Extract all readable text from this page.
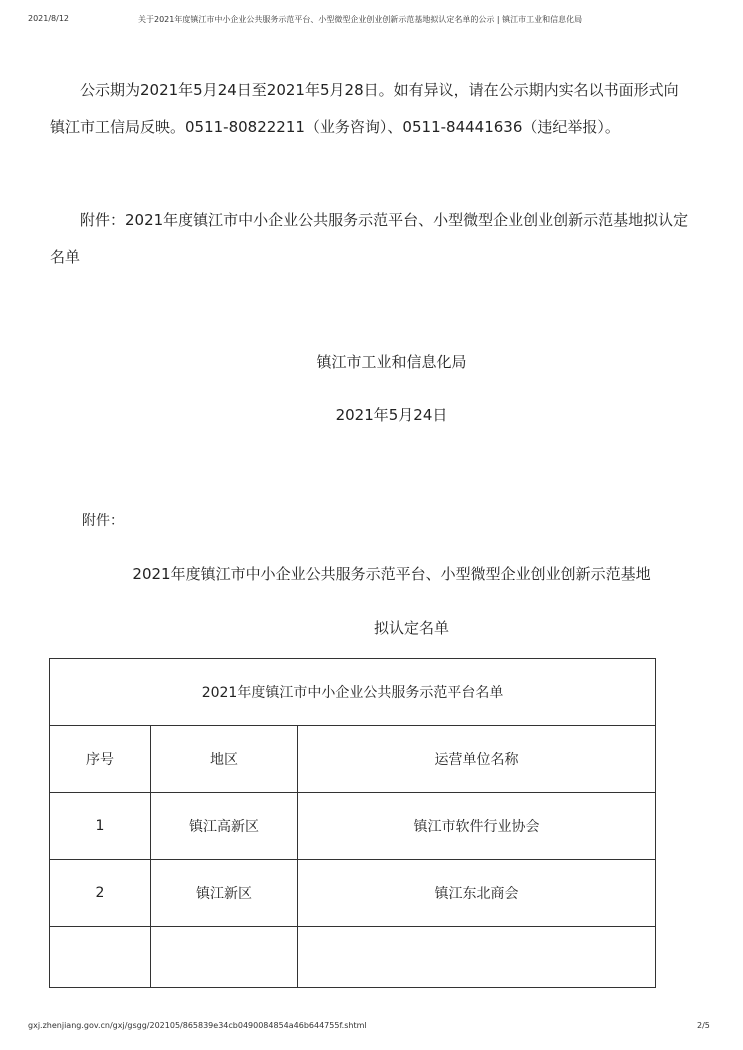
2021/8/12	关于2021年度镇江市中小企业公共服务示范平台、小型微型企业创业创新示范基地拟认定名单的公示 | 镇江市工业和信息化局

公示期为2021年5月24日至2021年5月28日。如有异议，请在公示期内实名以书面形式向镇江市工信局反映。0511-80822211（业务咨询）、0511-84441636（违纪举报）。

附件：2021年度镇江市中小企业公共服务示范平台、小型微型企业创业创新示范基地拟认定名单

镇江市工业和信息化局
2021年5月24日
附件：
2021年度镇江市中小企业公共服务示范平台、小型微型企业创业创新示范基地
拟认定名单
2021年度镇江市中小企业公共服务示范平台名单		
序号	地区	运营单位名称
1	镇江高新区	镇江市软件行业协会
2	镇江新区	镇江东北商会

gxj.zhenjiang.gov.cn/gxj/gsgg/202105/865839e34cb0490084854a46b644755f.shtml	2/5
